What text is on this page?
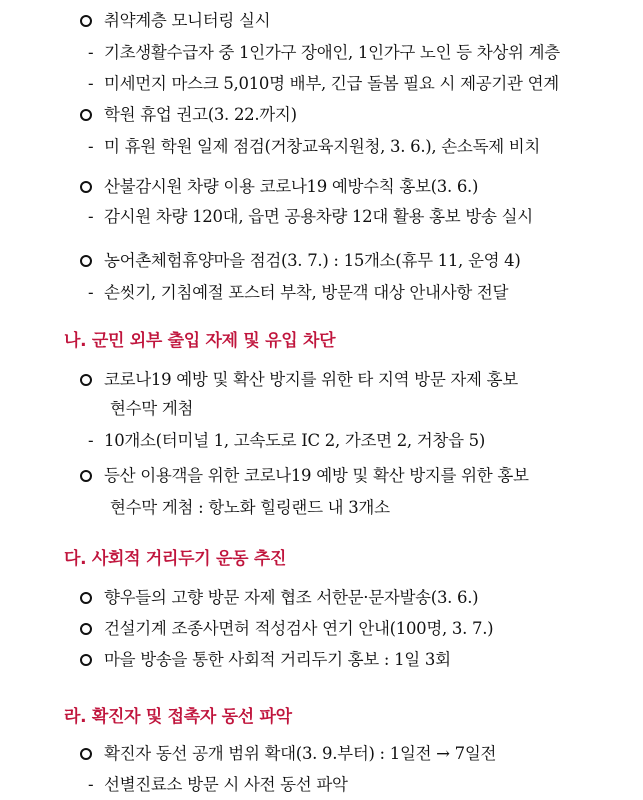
취약계층 모니터링 실시
- 기초생활수급자 중 1인가구 장애인, 1인가구 노인 등 차상위 계층
- 미세먼지 마스크 5,010명 배부, 긴급 돌봄 필요 시 제공기관 연계
학원 휴업 권고(3. 22.까지)
- 미 휴원 학원 일제 점검(거창교육지원청, 3. 6.), 손소독제 비치
산불감시원 차량 이용 코로나19 예방수칙 홍보(3. 6.)
- 감시원 차량 120대, 읍면 공용차량 12대 활용 홍보 방송 실시
농어촌체험휴양마을 점검(3. 7.) : 15개소(휴무 11, 운영 4)
- 손씻기, 기침예절 포스터 부착, 방문객 대상 안내사항 전달
나. 군민 외부 출입 자제 및 유입 차단
코로나19 예방 및 확산 방지를 위한 타 지역 방문 자제 홍보
현수막 게첨
- 10개소(터미널 1, 고속도로 IC 2, 가조면 2, 거창읍 5)
등산 이용객을 위한 코로나19 예방 및 확산 방지를 위한 홍보
현수막 게첨 : 항노화 힐링랜드 내 3개소
다. 사회적 거리두기 운동 추진
향우들의 고향 방문 자제 협조 서한문·문자발송(3. 6.)
건설기계 조종사면허 적성검사 연기 안내(100명, 3. 7.)
마을 방송을 통한 사회적 거리두기 홍보 : 1일 3회
라. 확진자 및 접촉자 동선 파악
확진자 동선 공개 범위 확대(3. 9.부터) : 1일전 → 7일전
- 선별진료소 방문 시 사전 동선 파악
